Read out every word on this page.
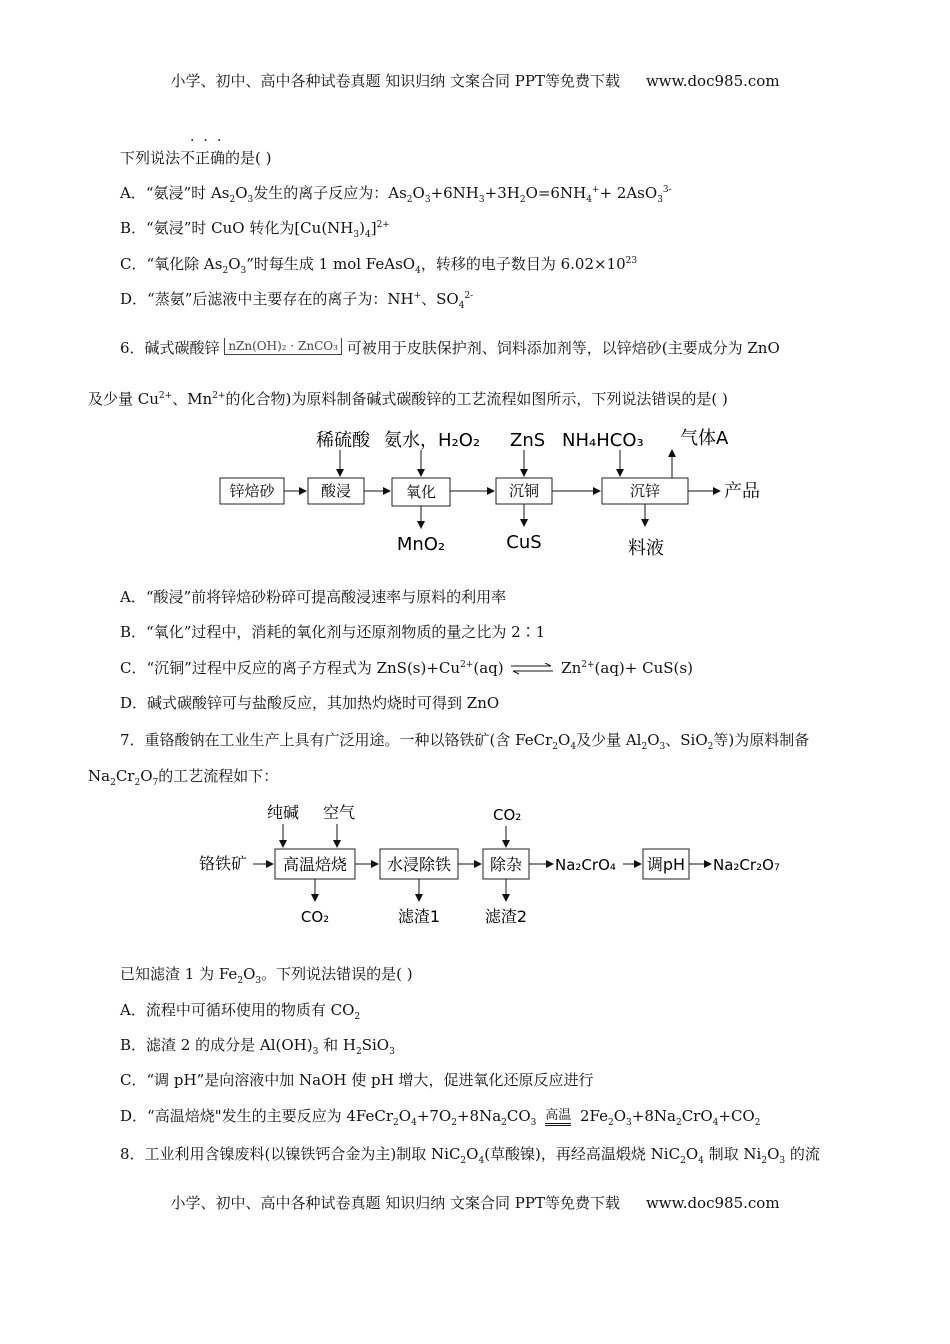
小学、初中、高中各种试卷真题 知识归纳 文案合同 PPT等免费下载 www.doc985.com
···
下列说法不正确的是( )
A．“氨浸”时 $As_2O_3$发生的离子反应为：$As_2O_3+6NH_3+3H_2O=6NH_4^++ 2AsO_3^{3-}$
B．“氨浸”时 CuO 转化为$[Cu(NH_3)_4]^{2+}$
C．“氧化除 $As_2O_3$”时每生成 1 mol FeAsO$_4$，转移的电子数目为 $6.02\times 10^{23}$
D．“蒸氨”后滤液中主要存在的离子为：NH+、$SO_4^{2-}$
6．碱式碳酸锌 nZn(OH)₂ · ZnCO₃ 可被用于皮肤保护剂、饲料添加剂等，以锌焙砂(主要成分为 ZnO
及少量 $Cu^{2+}$、$Mn^{2+}$的化合物)为原料制备碱式碳酸锌的工艺流程如图所示，下列说法错误的是( )
稀硫酸 氨水，H₂O₂ ZnS NH₄HCO₃ 气体A
锌焙砂	酸浸	氧化	沉铜	沉锌	产品
MnO₂	CuS	料液
A．“酸浸”前将锌焙砂粉碎可提高酸浸速率与原料的利用率
B．“氧化”过程中，消耗的氧化剂与还原剂物质的量之比为 2∶1
C．“沉铜”过程中反应的离子方程式为 $ZnS(s)+Cu^{2+}(aq)$ ⇌ $Zn^{2+}(aq)+ CuS(s)$
D．碱式碳酸锌可与盐酸反应，其加热灼烧时可得到 ZnO
7．重铬酸钠在工业生产上具有广泛用途。一种以铬铁矿(含 $FeCr_2O_4$及少量 $Al_2O_3$、SiO$_2$等)为原料制备
$Na_2Cr_2O_7$的工艺流程如下：
纯碱 空气	CO₂
铬铁矿 高温焙烧 水浸除铁 除杂 Na₂CrO₄ 调pH Na₂Cr₂O₇
CO₂	滤渣1	滤渣2
已知滤渣 1 为 $Fe_2O_3$。下列说法错误的是( )
A．流程中可循环使用的物质有 $CO_2$
B．滤渣 2 的成分是 $Al(OH)_3$ 和 $H_2SiO_3$
C．“调 pH”是向溶液中加 NaOH 使 pH 增大，促进氧化还原反应进行
D．“高温焙烧"发生的主要反应为 $4FeCr_2O_4+7O_2+8Na_2CO_3$ 高温 $2Fe_2O_3+8Na_2CrO_4+CO_2$
8．工业利用含镍废料(以镍铁钙合金为主)制取 $NiC_2O_4$(草酸镍)，再经高温煅烧 $NiC_2O_4$ 制取 $Ni_2O_3$ 的流
小学、初中、高中各种试卷真题 知识归纳 文案合同 PPT等免费下载 www.doc985.com
